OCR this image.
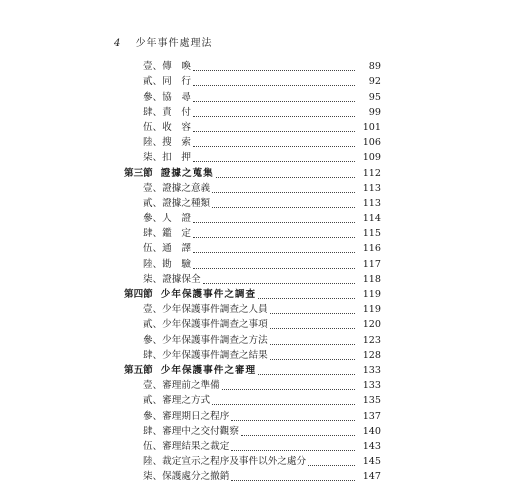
4 少年事件處理法
壹、傳　喚	89
貳、同　行	92
參、協　尋	95
肆、責　付	99
伍、收　容	101
陸、搜　索	106
柒、扣　押	109
第三節 證據之蒐集	112
壹、證據之意義	113
貳、證據之種類	113
參、人　證	114
肆、鑑　定	115
伍、通　譯	116
陸、勘　驗	117
柒、證據保全	118
第四節 少年保護事件之調查	119
壹、少年保護事件調查之人員	119
貳、少年保護事件調查之事項	120
參、少年保護事件調查之方法	123
肆、少年保護事件調查之結果	128
第五節 少年保護事件之審理	133
壹、審理前之準備	133
貳、審理之方式	135
參、審理期日之程序	137
肆、審理中之交付觀察	140
伍、審理結果之裁定	143
陸、裁定宣示之程序及事件以外之處分	145
柒、保護處分之撤銷	147
